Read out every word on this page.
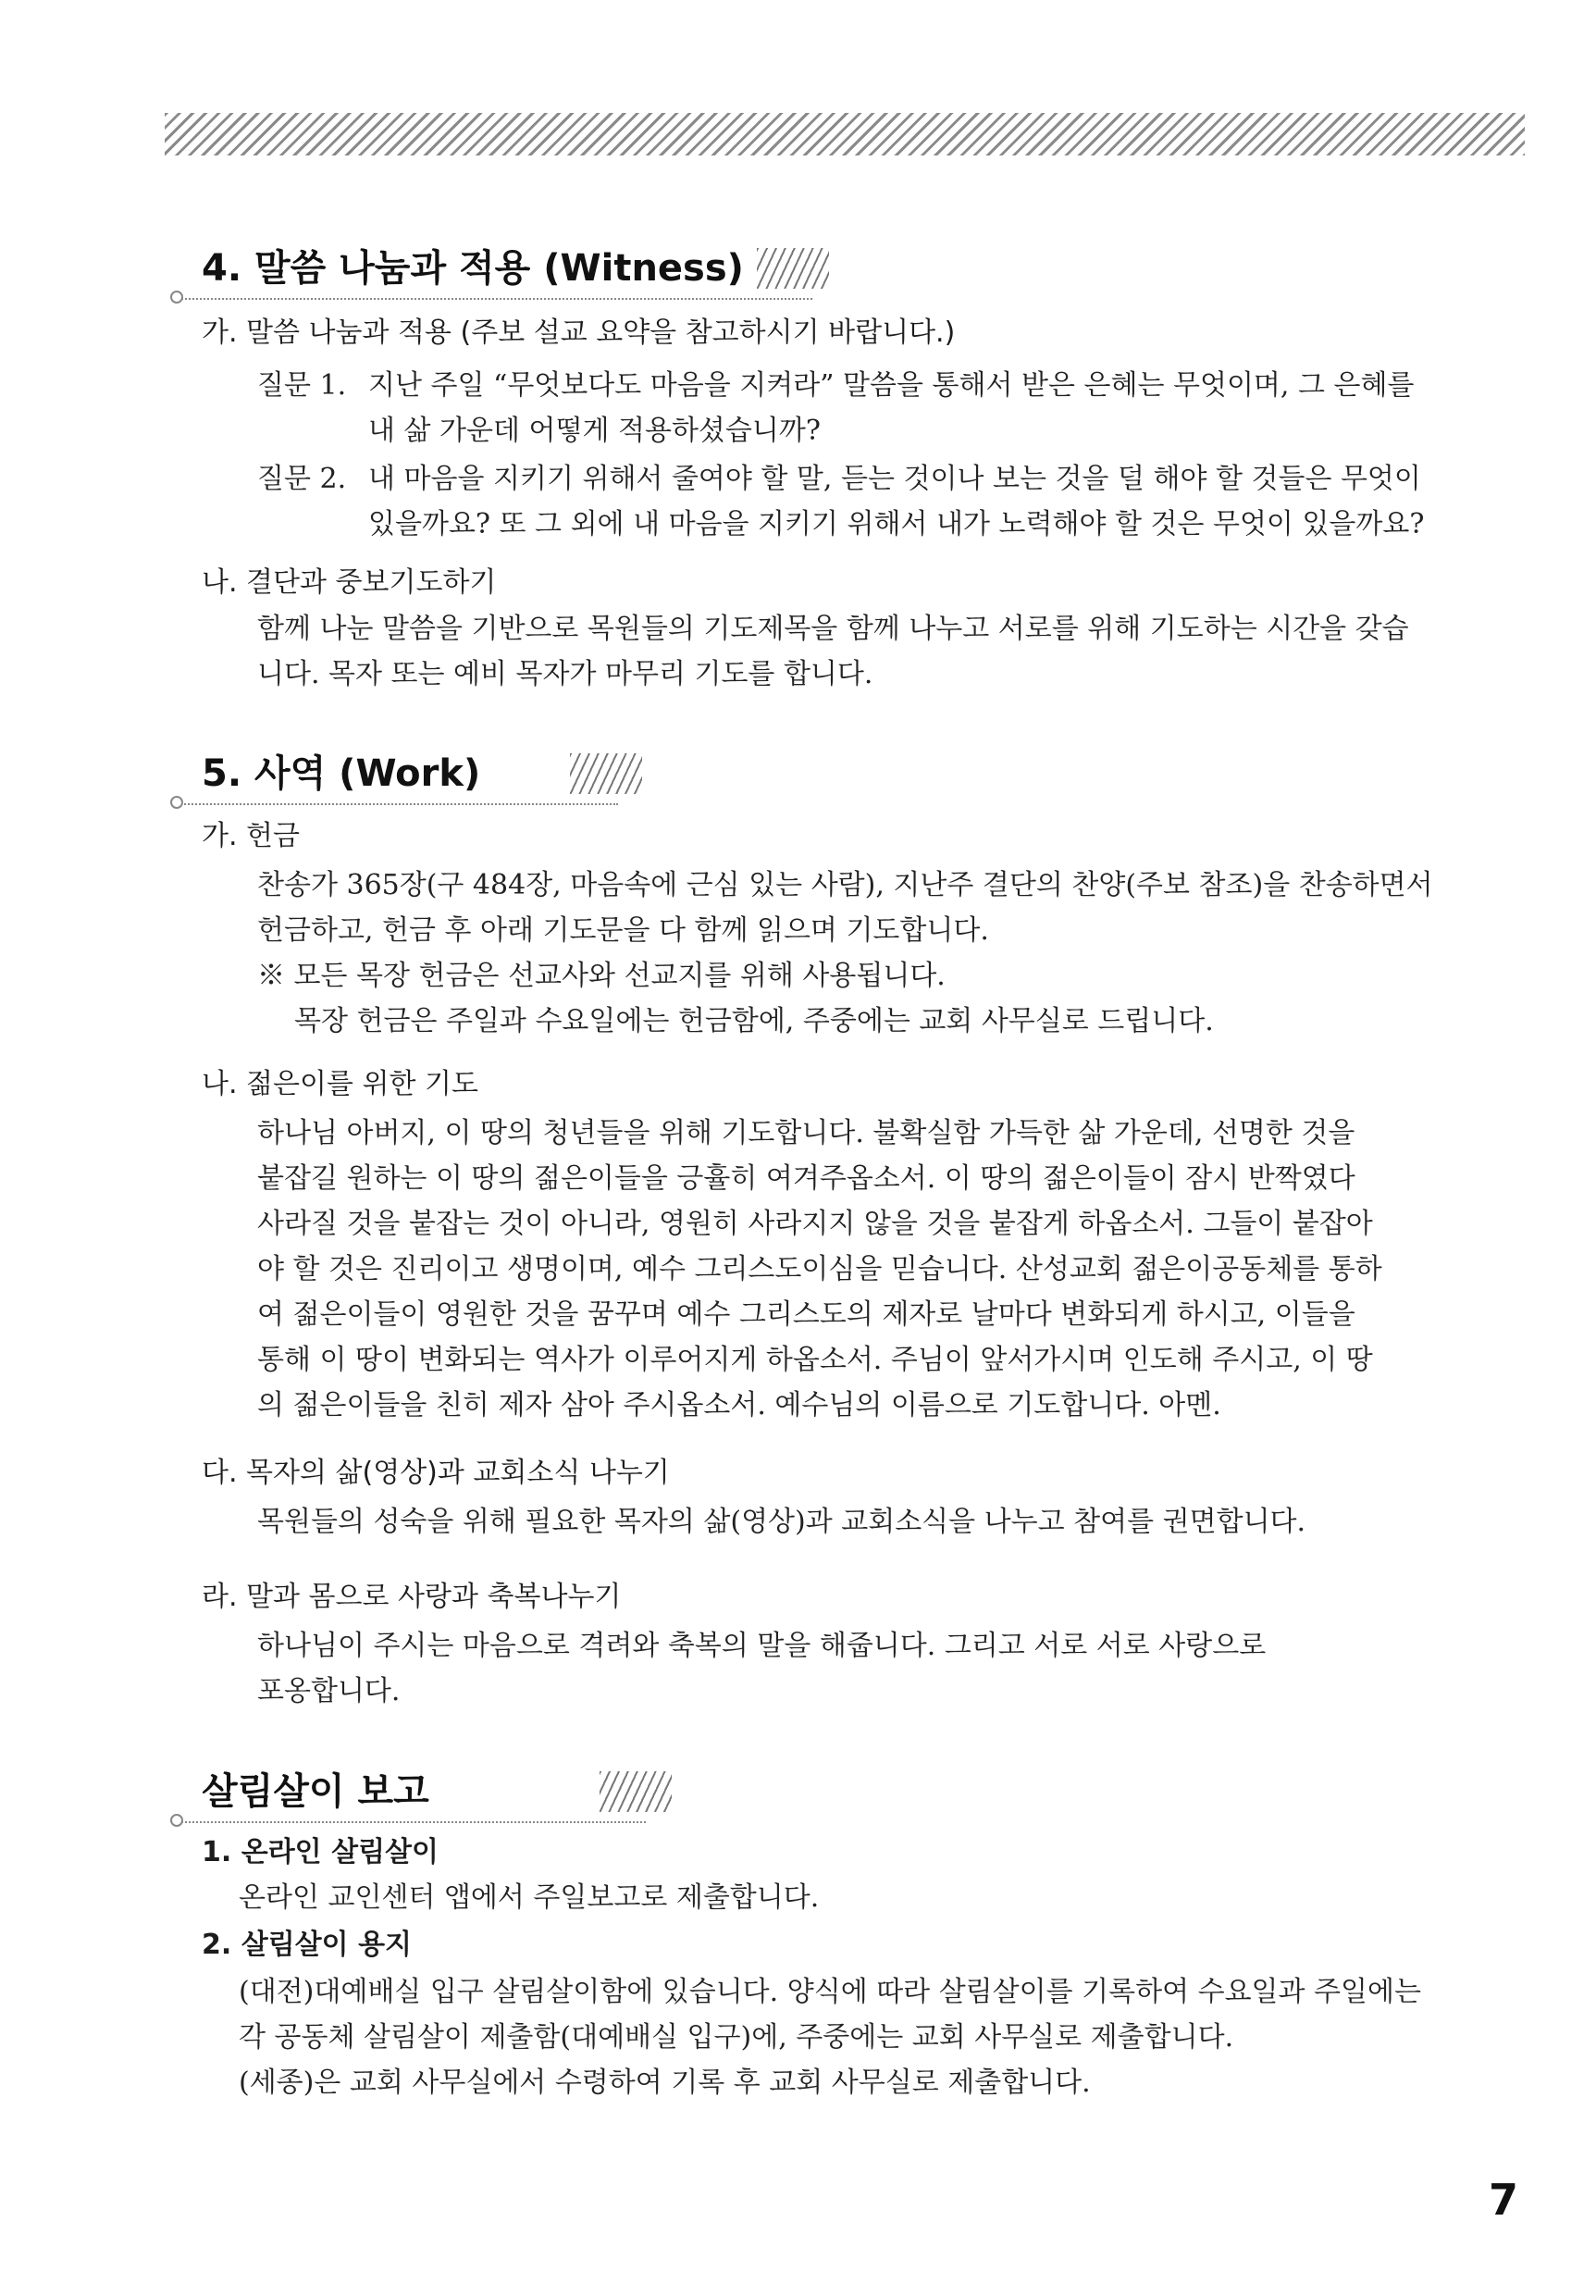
4. 말씀 나눔과 적용 (Witness)
가. 말씀 나눔과 적용 (주보 설교 요약을 참고하시기 바랍니다.)
질문 1. 지난 주일 “무엇보다도 마음을 지켜라” 말씀을 통해서 받은 은혜는 무엇이며, 그 은혜를
내 삶 가운데 어떻게 적용하셨습니까?
질문 2. 내 마음을 지키기 위해서 줄여야 할 말, 듣는 것이나 보는 것을 덜 해야 할 것들은 무엇이
있을까요? 또 그 외에 내 마음을 지키기 위해서 내가 노력해야 할 것은 무엇이 있을까요?
나. 결단과 중보기도하기
함께 나눈 말씀을 기반으로 목원들의 기도제목을 함께 나누고 서로를 위해 기도하는 시간을 갖습
니다. 목자 또는 예비 목자가 마무리 기도를 합니다.
5. 사역 (Work)
가. 헌금
찬송가 365장(구 484장, 마음속에 근심 있는 사람), 지난주 결단의 찬양(주보 참조)을 찬송하면서
헌금하고, 헌금 후 아래 기도문을 다 함께 읽으며 기도합니다.
※ 모든 목장 헌금은 선교사와 선교지를 위해 사용됩니다.
목장 헌금은 주일과 수요일에는 헌금함에, 주중에는 교회 사무실로 드립니다.
나. 젊은이를 위한 기도
하나님 아버지, 이 땅의 청년들을 위해 기도합니다. 불확실함 가득한 삶 가운데, 선명한 것을
붙잡길 원하는 이 땅의 젊은이들을 긍휼히 여겨주옵소서. 이 땅의 젊은이들이 잠시 반짝였다
사라질 것을 붙잡는 것이 아니라, 영원히 사라지지 않을 것을 붙잡게 하옵소서. 그들이 붙잡아
야 할 것은 진리이고 생명이며, 예수 그리스도이심을 믿습니다. 산성교회 젊은이공동체를 통하
여 젊은이들이 영원한 것을 꿈꾸며 예수 그리스도의 제자로 날마다 변화되게 하시고, 이들을
통해 이 땅이 변화되는 역사가 이루어지게 하옵소서. 주님이 앞서가시며 인도해 주시고, 이 땅
의 젊은이들을 친히 제자 삼아 주시옵소서. 예수님의 이름으로 기도합니다. 아멘.
다. 목자의 삶(영상)과 교회소식 나누기
목원들의 성숙을 위해 필요한 목자의 삶(영상)과 교회소식을 나누고 참여를 권면합니다.
라. 말과 몸으로 사랑과 축복나누기
하나님이 주시는 마음으로 격려와 축복의 말을 해줍니다. 그리고 서로 서로 사랑으로
포옹합니다.
살림살이 보고
1. 온라인 살림살이
온라인 교인센터 앱에서 주일보고로 제출합니다.
2. 살림살이 용지
(대전)대예배실 입구 살림살이함에 있습니다. 양식에 따라 살림살이를 기록하여 수요일과 주일에는
각 공동체 살림살이 제출함(대예배실 입구)에, 주중에는 교회 사무실로 제출합니다.
(세종)은 교회 사무실에서 수령하여 기록 후 교회 사무실로 제출합니다.
7
